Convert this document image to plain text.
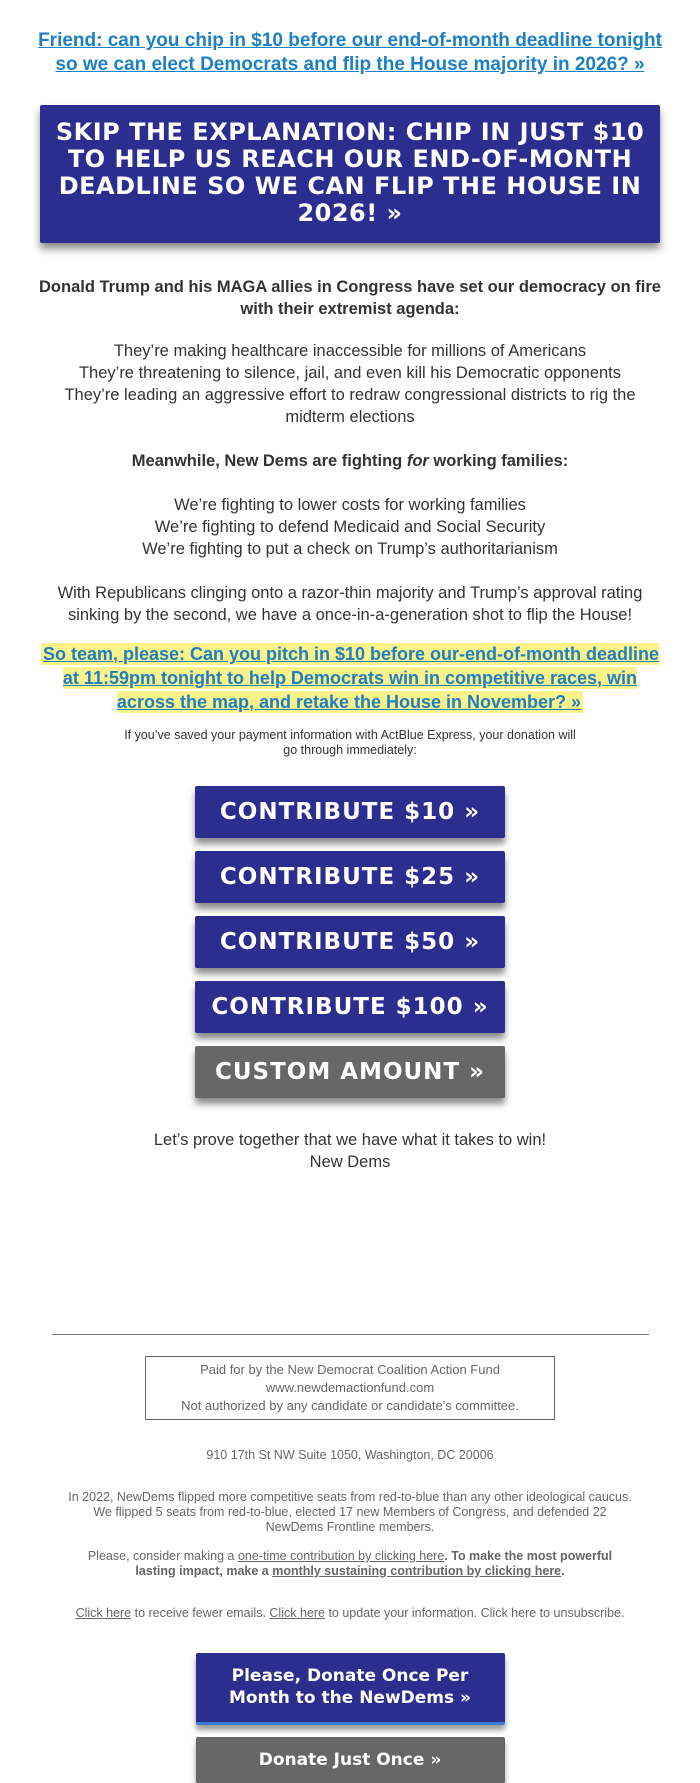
Friend: can you chip in $10 before our end-of-month deadline tonight so we can elect Democrats and flip the House majority in 2026? »
SKIP THE EXPLANATION: CHIP IN JUST $10 TO HELP US REACH OUR END-OF-MONTH DEADLINE SO WE CAN FLIP THE HOUSE IN 2026! »

Donald Trump and his MAGA allies in Congress have set our democracy on fire with their extremist agenda:

They’re making healthcare inaccessible for millions of Americans

They’re threatening to silence, jail, and even kill his Democratic opponents

They’re leading an aggressive effort to redraw congressional districts to rig the midterm elections

Meanwhile, New Dems are fighting for working families:

We’re fighting to lower costs for working families

We’re fighting to defend Medicaid and Social Security

We’re fighting to put a check on Trump’s authoritarianism

With Republicans clinging onto a razor-thin majority and Trump’s approval rating sinking by the second, we have a once-in-a-generation shot to flip the House!

So team, please: Can you pitch in $10 before our-end-of-month deadline at 11:59pm tonight to help Democrats win in competitive races, win across the map, and retake the House in November? »

If you’ve saved your payment information with ActBlue Express, your donation will go through immediately:

CONTRIBUTE $10 »
CONTRIBUTE $25 »
CONTRIBUTE $50 »
CONTRIBUTE $100 »
CUSTOM AMOUNT »

Let’s prove together that we have what it takes to win!

New Dems

Paid for by the New Democrat Coalition Action Fund
www.newdemactionfund.com
Not authorized by any candidate or candidate's committee.

910 17th St NW Suite 1050, Washington, DC 20006

In 2022, NewDems flipped more competitive seats from red-to-blue than any other ideological caucus. We flipped 5 seats from red-to-blue, elected 17 new Members of Congress, and defended 22 NewDems Frontline members.

Please, consider making a one-time contribution by clicking here. To make the most powerful lasting impact, make a monthly sustaining contribution by clicking here.

Click here to receive fewer emails. Click here to update your information. Click here to unsubscribe.

Please, Donate Once Per Month to the NewDems »
Donate Just Once »
